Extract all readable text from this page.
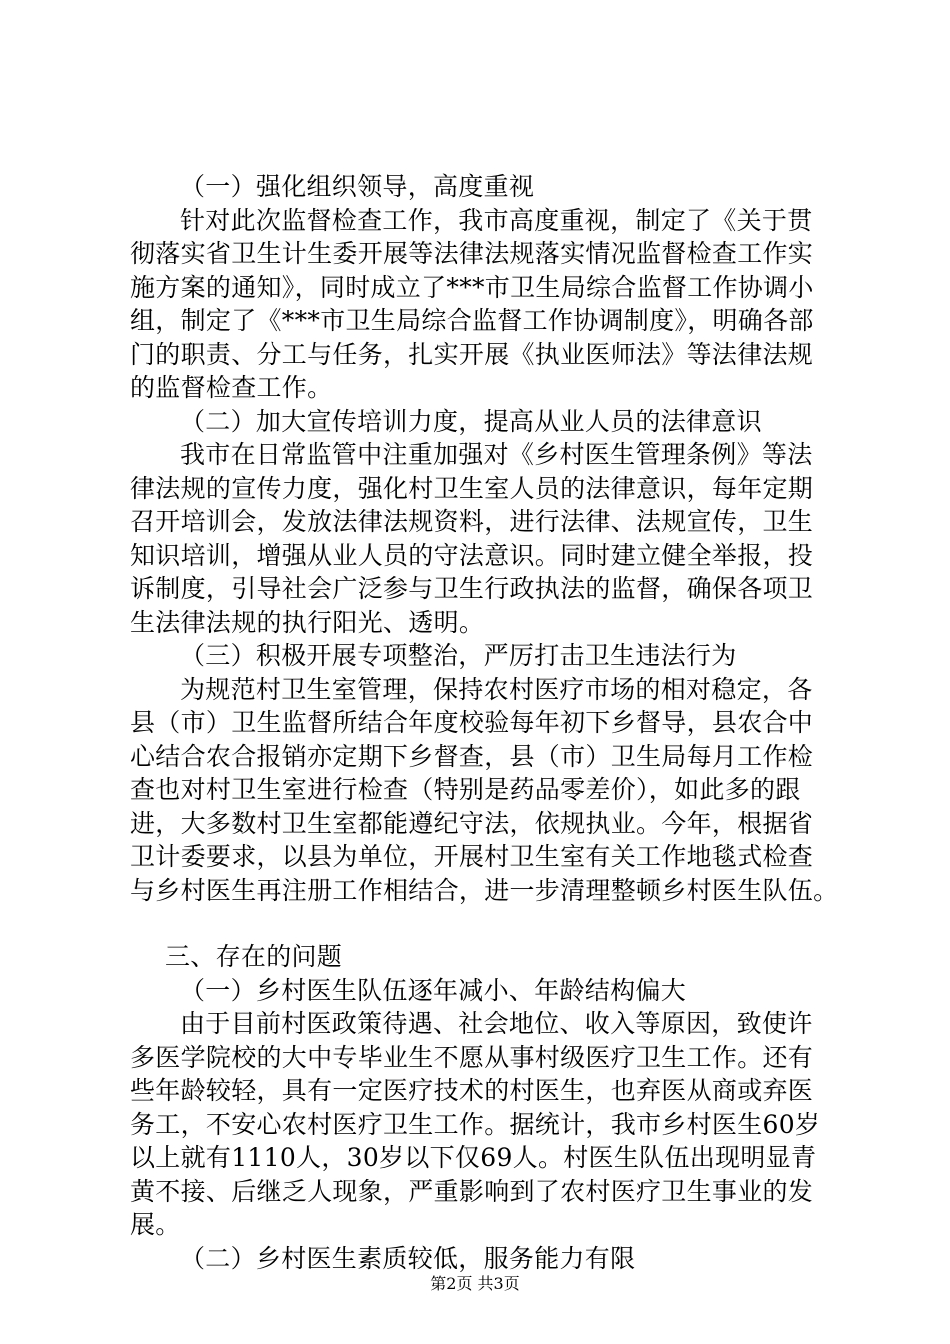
（一）强化组织领导，高度重视
针对此次监督检查工作，我市高度重视，制定了《关于贯
彻落实省卫生计生委开展等法律法规落实情况监督检查工作实
施方案的通知》，同时成立了***市卫生局综合监督工作协调小
组，制定了《***市卫生局综合监督工作协调制度》，明确各部
门的职责、分工与任务，扎实开展《执业医师法》等法律法规
的监督检查工作。
（二）加大宣传培训力度，提高从业人员的法律意识
我市在日常监管中注重加强对《乡村医生管理条例》等法
律法规的宣传力度，强化村卫生室人员的法律意识，每年定期
召开培训会，发放法律法规资料，进行法律、法规宣传，卫生
知识培训，增强从业人员的守法意识。同时建立健全举报，投
诉制度，引导社会广泛参与卫生行政执法的监督，确保各项卫
生法律法规的执行阳光、透明。
（三）积极开展专项整治，严厉打击卫生违法行为
为规范村卫生室管理，保持农村医疗市场的相对稳定，各
县（市）卫生监督所结合年度校验每年初下乡督导，县农合中
心结合农合报销亦定期下乡督查，县（市）卫生局每月工作检
查也对村卫生室进行检查（特别是药品零差价），如此多的跟
进，大多数村卫生室都能遵纪守法，依规执业。今年，根据省
卫计委要求，以县为单位，开展村卫生室有关工作地毯式检查
与乡村医生再注册工作相结合，进一步清理整顿乡村医生队伍。
三、存在的问题
（一）乡村医生队伍逐年减小、年龄结构偏大
由于目前村医政策待遇、社会地位、收入等原因，致使许
多医学院校的大中专毕业生不愿从事村级医疗卫生工作。还有
些年龄较轻，具有一定医疗技术的村医生，也弃医从商或弃医
务工，不安心农村医疗卫生工作。据统计，我市乡村医生60岁
以上就有1110人，30岁以下仅69人。村医生队伍出现明显青
黄不接、后继乏人现象，严重影响到了农村医疗卫生事业的发
展。
（二）乡村医生素质较低，服务能力有限
第2页 共3页
